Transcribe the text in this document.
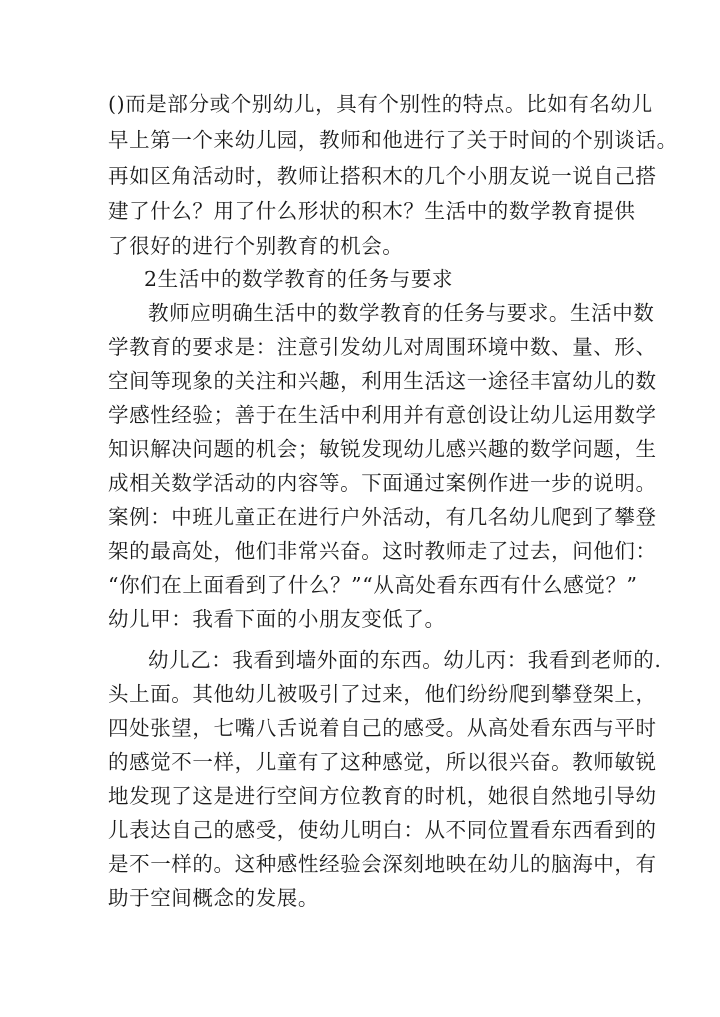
()而是部分或个别幼儿，具有个别性的特点。比如有名幼儿
早上第一个来幼儿园，教师和他进行了关于时间的个别谈话。
再如区角活动时，教师让搭积木的几个小朋友说一说自己搭
建了什么？用了什么形状的积木？生活中的数学教育提供
了很好的进行个别教育的机会。
2生活中的数学教育的任务与要求
教师应明确生活中的数学教育的任务与要求。生活中数
学教育的要求是：注意引发幼儿对周围环境中数、量、形、
空间等现象的关注和兴趣，利用生活这一途径丰富幼儿的数
学感性经验；善于在生活中利用并有意创设让幼儿运用数学
知识解决问题的机会；敏锐发现幼儿感兴趣的数学问题，生
成相关数学活动的内容等。下面通过案例作进一步的说明。
案例：中班儿童正在进行户外活动，有几名幼儿爬到了攀登
架的最高处，他们非常兴奋。这时教师走了过去，问他们：
“你们在上面看到了什么？”“从高处看东西有什么感觉？”
幼儿甲：我看下面的小朋友变低了。
幼儿乙：我看到墙外面的东西。幼儿丙：我看到老师的.
头上面。其他幼儿被吸引了过来，他们纷纷爬到攀登架上，
四处张望，七嘴八舌说着自己的感受。从高处看东西与平时
的感觉不一样，儿童有了这种感觉，所以很兴奋。教师敏锐
地发现了这是进行空间方位教育的时机，她很自然地引导幼
儿表达自己的感受，使幼儿明白：从不同位置看东西看到的
是不一样的。这种感性经验会深刻地映在幼儿的脑海中，有
助于空间概念的发展。
